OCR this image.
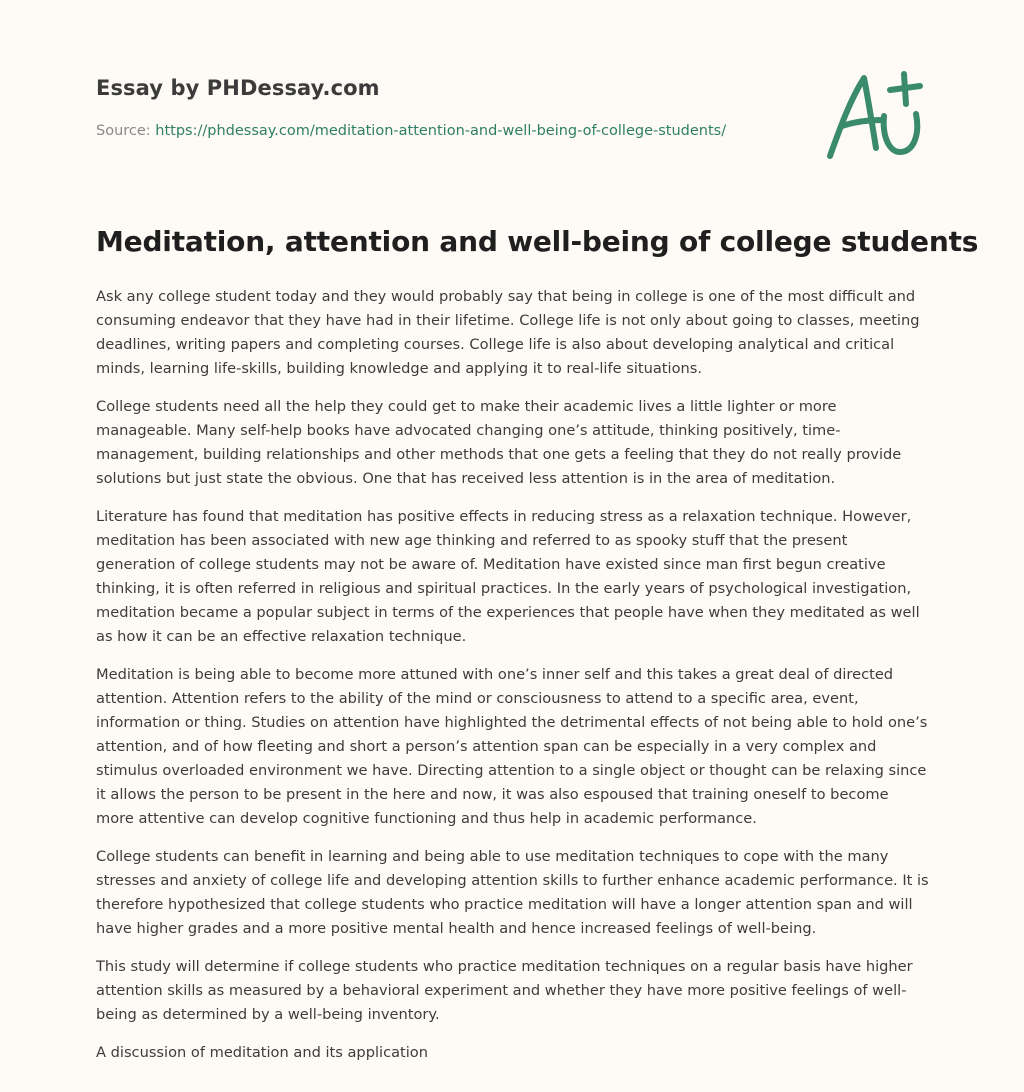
Essay by PHDessay.com
Source: https://phdessay.com/meditation-attention-and-well-being-of-college-students/
Meditation, attention and well-being of college students

Ask any college student today and they would probably say that being in college is one of the most difficult and consuming endeavor that they have had in their lifetime. College life is not only about going to classes, meeting deadlines, writing papers and completing courses. College life is also about developing analytical and critical minds, learning life-skills, building knowledge and applying it to real-life situations.

College students need all the help they could get to make their academic lives a little lighter or more manageable. Many self-help books have advocated changing one’s attitude, thinking positively, time-management, building relationships and other methods that one gets a feeling that they do not really provide solutions but just state the obvious. One that has received less attention is in the area of meditation.

Literature has found that meditation has positive effects in reducing stress as a relaxation technique. However, meditation has been associated with new age thinking and referred to as spooky stuff that the present generation of college students may not be aware of. Meditation have existed since man first begun creative thinking, it is often referred in religious and spiritual practices. In the early years of psychological investigation, meditation became a popular subject in terms of the experiences that people have when they meditated as well as how it can be an effective relaxation technique.

Meditation is being able to become more attuned with one’s inner self and this takes a great deal of directed attention. Attention refers to the ability of the mind or consciousness to attend to a specific area, event, information or thing. Studies on attention have highlighted the detrimental effects of not being able to hold one’s attention, and of how fleeting and short a person’s attention span can be especially in a very complex and stimulus overloaded environment we have. Directing attention to a single object or thought can be relaxing since it allows the person to be present in the here and now, it was also espoused that training oneself to become more attentive can develop cognitive functioning and thus help in academic performance.

College students can benefit in learning and being able to use meditation techniques to cope with the many stresses and anxiety of college life and developing attention skills to further enhance academic performance. It is therefore hypothesized that college students who practice meditation will have a longer attention span and will have higher grades and a more positive mental health and hence increased feelings of well-being.

This study will determine if college students who practice meditation techniques on a regular basis have higher attention skills as measured by a behavioral experiment and whether they have more positive feelings of well-being as determined by a well-being inventory.

A discussion of meditation and its application
